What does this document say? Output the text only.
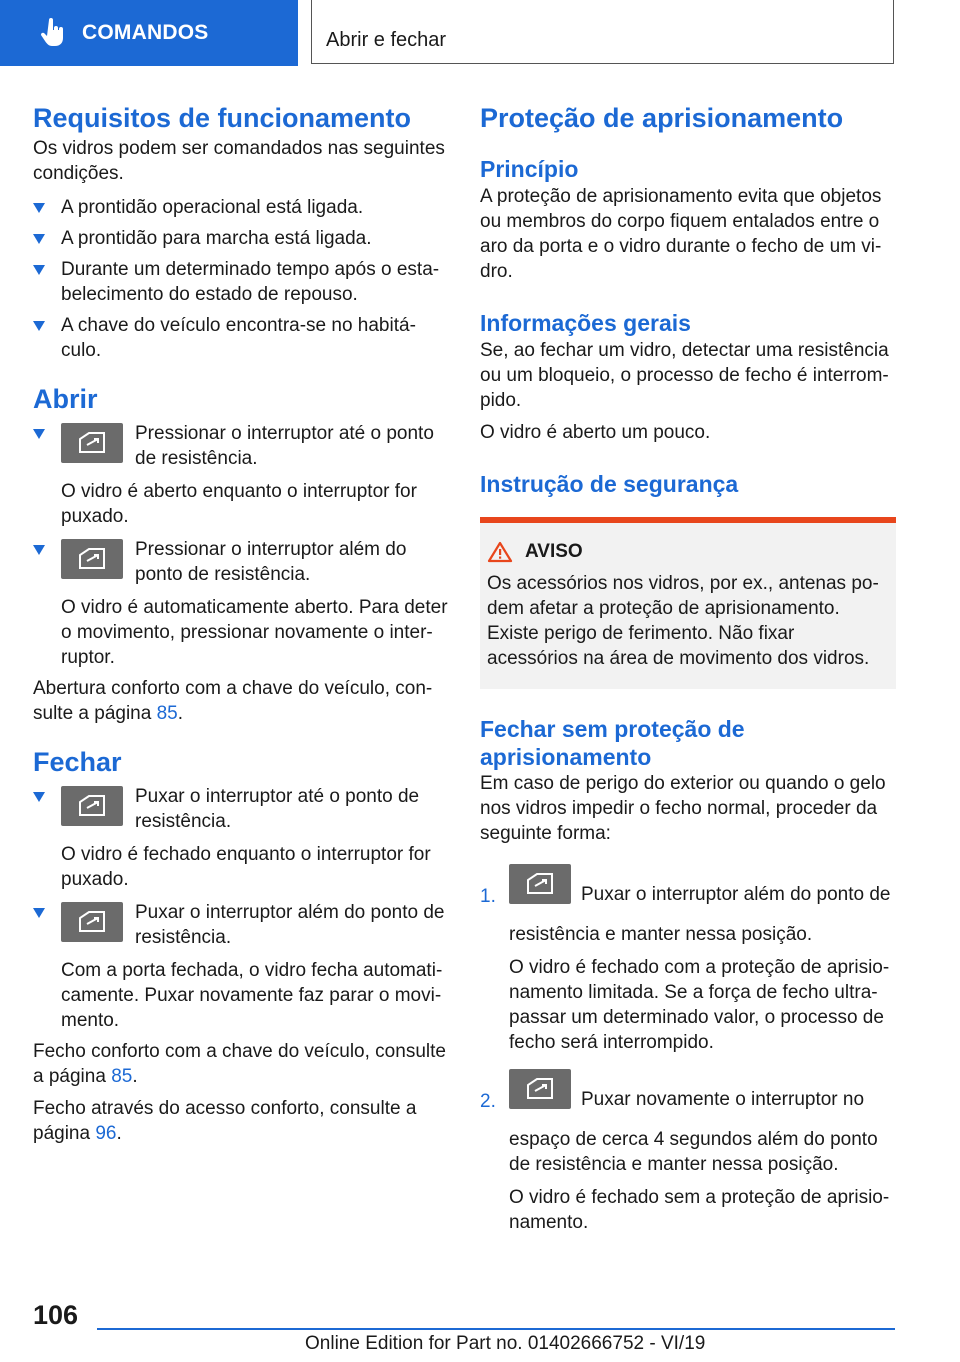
COMANDOS	Abrir e fechar
Requisitos de funcionamento

Os vidros podem ser comandados nas seguintes condições.

A prontidão operacional está ligada.
A prontidão para marcha está ligada.
Durante um determinado tempo após o estabelecimento do estado de repouso.
A chave do veículo encontra-se no habitáculo.
Abrir
Pressionar o interruptor até o ponto de resistência.

O vidro é aberto enquanto o interruptor for puxado.

Pressionar o interruptor além do ponto de resistência.

O vidro é automaticamente aberto. Para deter o movimento, pressionar novamente o interruptor.

Abertura conforto com a chave do veículo, consulte a página 85.

Fechar
Puxar o interruptor até o ponto de resistência.

O vidro é fechado enquanto o interruptor for puxado.

Puxar o interruptor além do ponto de resistência.

Com a porta fechada, o vidro fecha automaticamente. Puxar novamente faz parar o movimento.

Fecho conforto com a chave do veículo, consulte a página 85.

Fecho através do acesso conforto, consulte a página 96.

Proteção de aprisionamento
Princípio

A proteção de aprisionamento evita que objetos ou membros do corpo fiquem entalados entre o aro da porta e o vidro durante o fecho de um vidro.

Informações gerais

Se, ao fechar um vidro, detectar uma resistência ou um bloqueio, o processo de fecho é interrompido.

O vidro é aberto um pouco.

Instrução de segurança
AVISO

Os acessórios nos vidros, por ex., antenas podem afetar a proteção de aprisionamento. Existe perigo de ferimento. Não fixar acessórios na área de movimento dos vidros.

Fechar sem proteção de aprisionamento

Em caso de perigo do exterior ou quando o gelo nos vidros impedir o fecho normal, proceder da seguinte forma:

1.	Puxar o interruptor além do ponto de resistência e manter nessa posição.

O vidro é fechado com a proteção de aprisionamento limitada. Se a força de fecho ultrapassar um determinado valor, o processo de fecho será interrompido.

2.	Puxar novamente o interruptor no espaço de cerca 4 segundos além do ponto de resistência e manter nessa posição.

O vidro é fechado sem a proteção de aprisionamento.

106
Online Edition for Part no. 01402666752 - VI/19
